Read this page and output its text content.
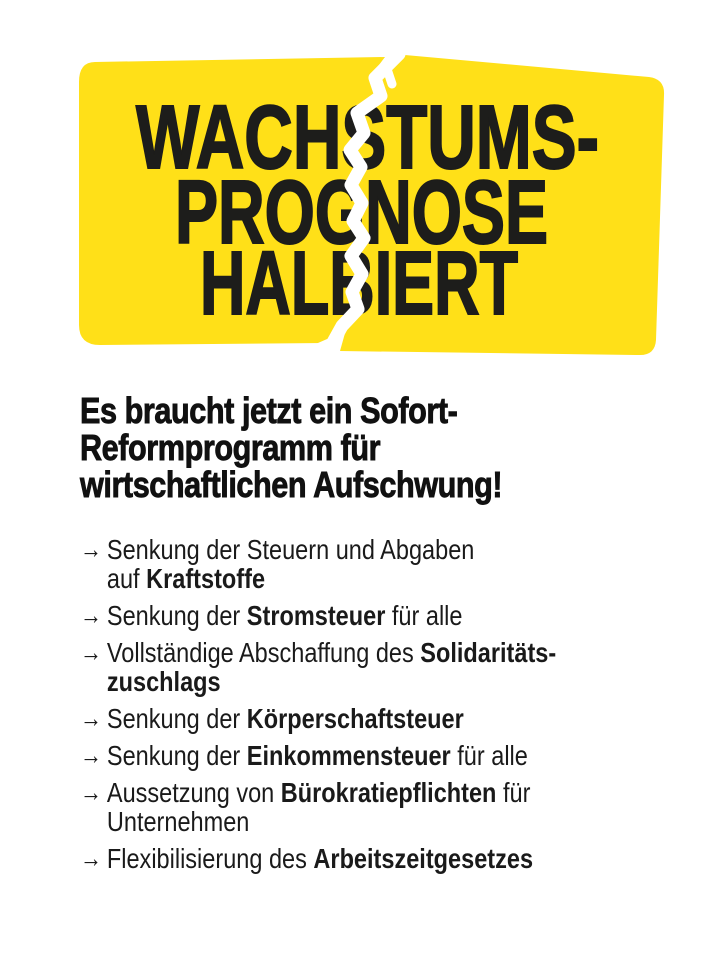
WACHSTUMS-
PROGNOSE
HALBIERT
Es braucht jetzt ein Sofort-
Reformprogramm für
wirtschaftlichen Aufschwung!
→ Senkung der Steuern und Abgaben
auf Kraftstoffe
→ Senkung der Stromsteuer für alle
→ Vollständige Abschaffung des Solidaritäts-
zuschlags
→ Senkung der Körperschaftsteuer
→ Senkung der Einkommensteuer für alle
→ Aussetzung von Bürokratiepflichten für
Unternehmen
→ Flexibilisierung des Arbeitszeitgesetzes
